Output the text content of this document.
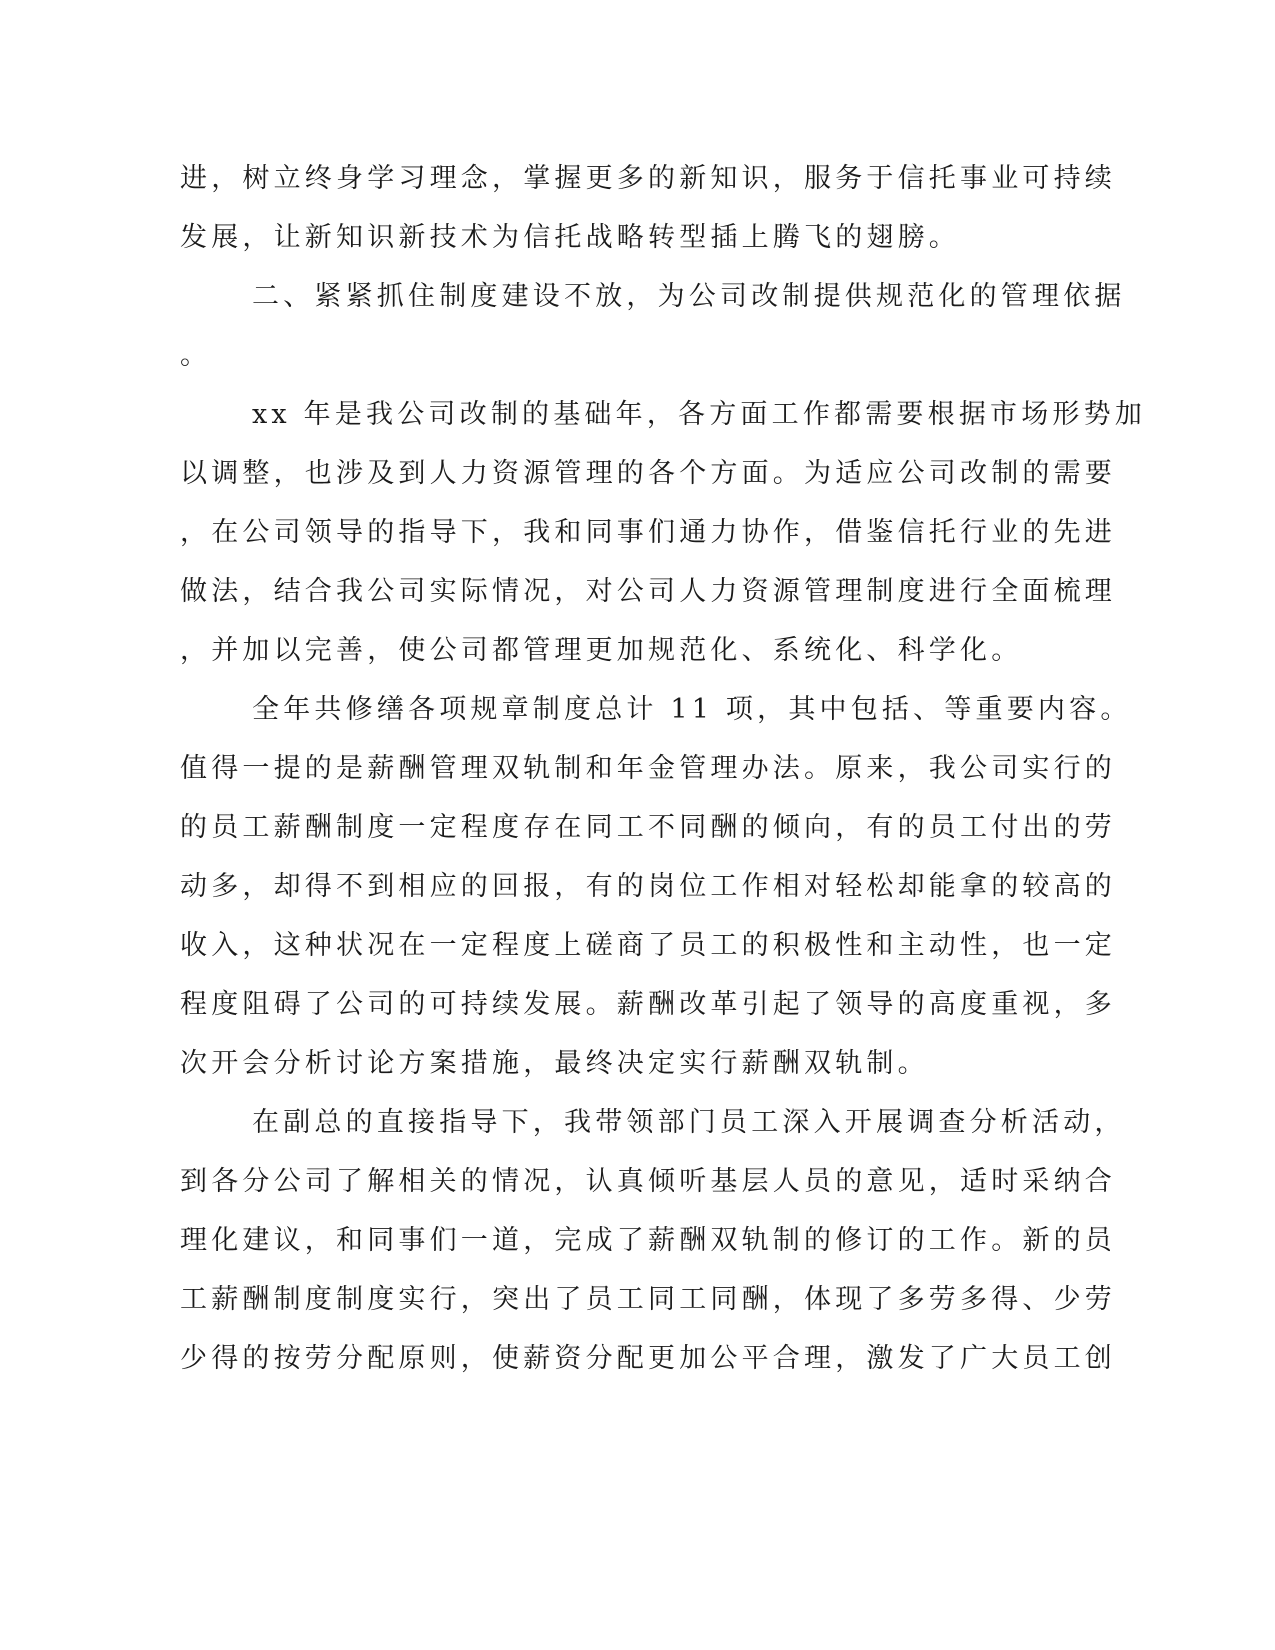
进，树立终身学习理念，掌握更多的新知识，服务于信托事业可持续
发展，让新知识新技术为信托战略转型插上腾飞的翅膀。
二、紧紧抓住制度建设不放，为公司改制提供规范化的管理依据
。
xx 年是我公司改制的基础年，各方面工作都需要根据市场形势加
以调整，也涉及到人力资源管理的各个方面。为适应公司改制的需要
，在公司领导的指导下，我和同事们通力协作，借鉴信托行业的先进
做法，结合我公司实际情况，对公司人力资源管理制度进行全面梳理
，并加以完善，使公司都管理更加规范化、系统化、科学化。
全年共修缮各项规章制度总计 11 项，其中包括、等重要内容。
值得一提的是薪酬管理双轨制和年金管理办法。原来，我公司实行的
的员工薪酬制度一定程度存在同工不同酬的倾向，有的员工付出的劳
动多，却得不到相应的回报，有的岗位工作相对轻松却能拿的较高的
收入，这种状况在一定程度上磋商了员工的积极性和主动性，也一定
程度阻碍了公司的可持续发展。薪酬改革引起了领导的高度重视，多
次开会分析讨论方案措施，最终决定实行薪酬双轨制。
在副总的直接指导下，我带领部门员工深入开展调查分析活动，
到各分公司了解相关的情况，认真倾听基层人员的意见，适时采纳合
理化建议，和同事们一道，完成了薪酬双轨制的修订的工作。新的员
工薪酬制度制度实行，突出了员工同工同酬，体现了多劳多得、少劳
少得的按劳分配原则，使薪资分配更加公平合理，激发了广大员工创
